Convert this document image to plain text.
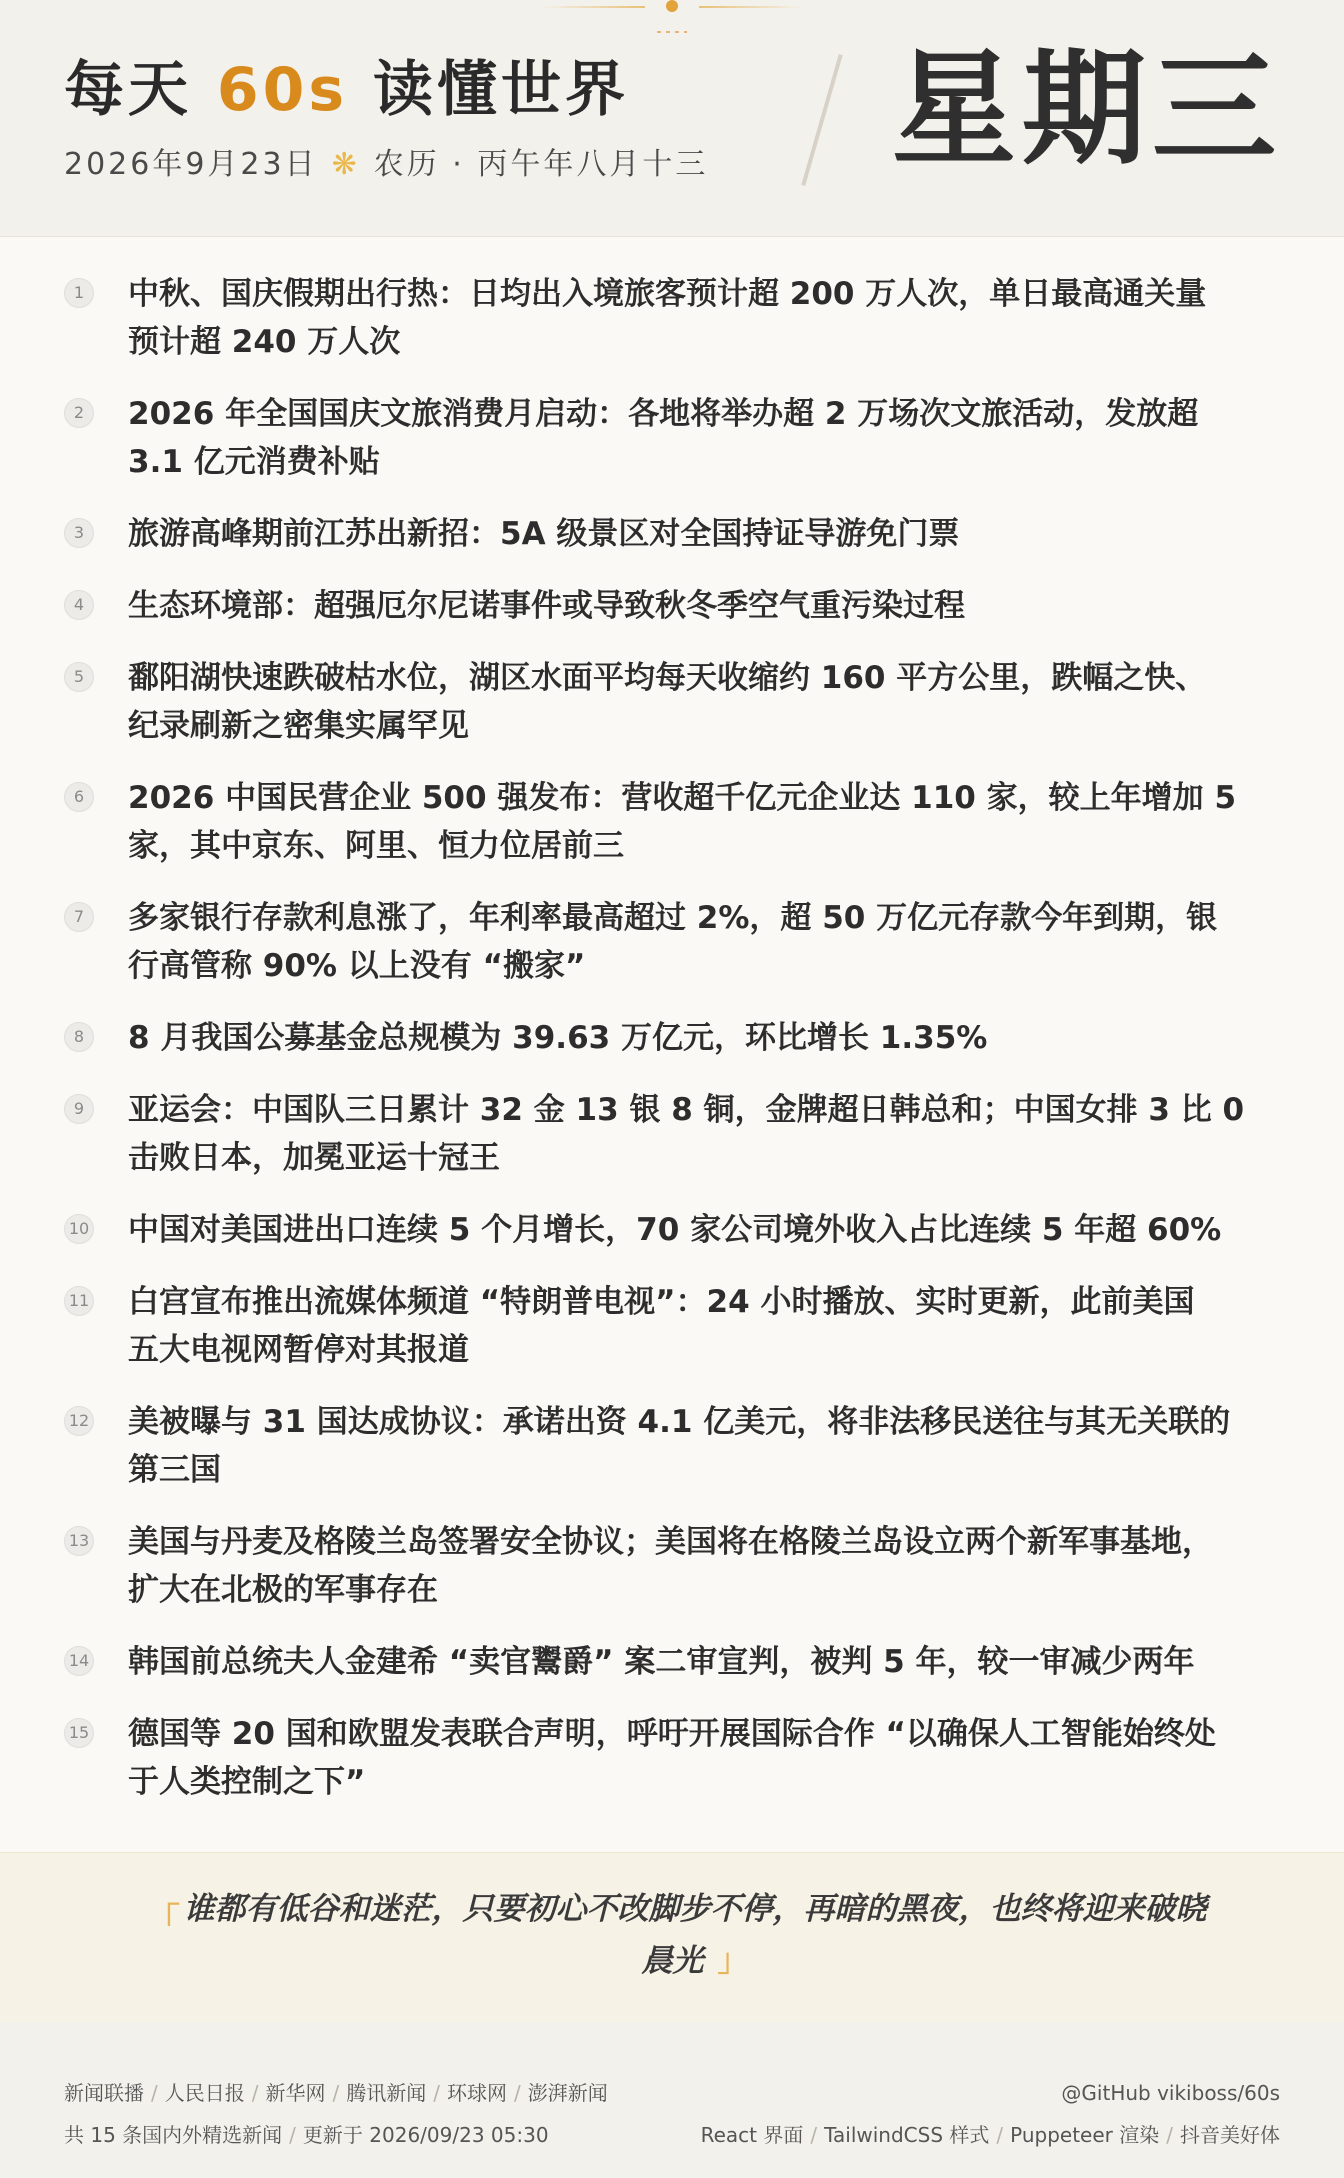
每天 60s 读懂世界
2026年9月23日 ❋ 农历 · 丙午年八月十三 星期三
1	中秋、国庆假期出行热：日均出入境旅客预计超 200 万人次，单日最高通关量
预计超 240 万人次
2	2026 年全国国庆文旅消费月启动：各地将举办超 2 万场次文旅活动，发放超
3.1 亿元消费补贴
3	旅游高峰期前江苏出新招：5A 级景区对全国持证导游免门票
4	生态环境部：超强厄尔尼诺事件或导致秋冬季空气重污染过程
5	鄱阳湖快速跌破枯水位，湖区水面平均每天收缩约 160 平方公里，跌幅之快、
纪录刷新之密集实属罕见
6	2026 中国民营企业 500 强发布：营收超千亿元企业达 110 家，较上年增加 5
家，其中京东、阿里、恒力位居前三
7	多家银行存款利息涨了，年利率最高超过 2%，超 50 万亿元存款今年到期，银
行高管称 90% 以上没有 “搬家”
8	8 月我国公募基金总规模为 39.63 万亿元，环比增长 1.35%
9	亚运会：中国队三日累计 32 金 13 银 8 铜，金牌超日韩总和；中国女排 3 比 0
击败日本，加冕亚运十冠王
10 中国对美国进出口连续 5 个月增长，70 家公司境外收入占比连续 5 年超 60%
11 白宫宣布推出流媒体频道 “特朗普电视”：24 小时播放、实时更新，此前美国
五大电视网暂停对其报道
12 美被曝与 31 国达成协议：承诺出资 4.1 亿美元，将非法移民送往与其无关联的
第三国
13 美国与丹麦及格陵兰岛签署安全协议；美国将在格陵兰岛设立两个新军事基地，
扩大在北极的军事存在
14 韩国前总统夫人金建希 “卖官鬻爵” 案二审宣判，被判 5 年，较一审减少两年
15 德国等 20 国和欧盟发表联合声明，呼吁开展国际合作 “以确保人工智能始终处
于人类控制之下”
「 谁都有低谷和迷茫，只要初心不改脚步不停，再暗的黑夜，也终将迎来破晓
晨光 」
新闻联播 / 人民日报 / 新华网 / 腾讯新闻 / 环球网 / 澎湃新闻
共 15 条国内外精选新闻 / 更新于 2026/09/23 05:30
@GitHub vikiboss/60s
React 界面 / TailwindCSS 样式 / Puppeteer 渲染 / 抖音美好体
